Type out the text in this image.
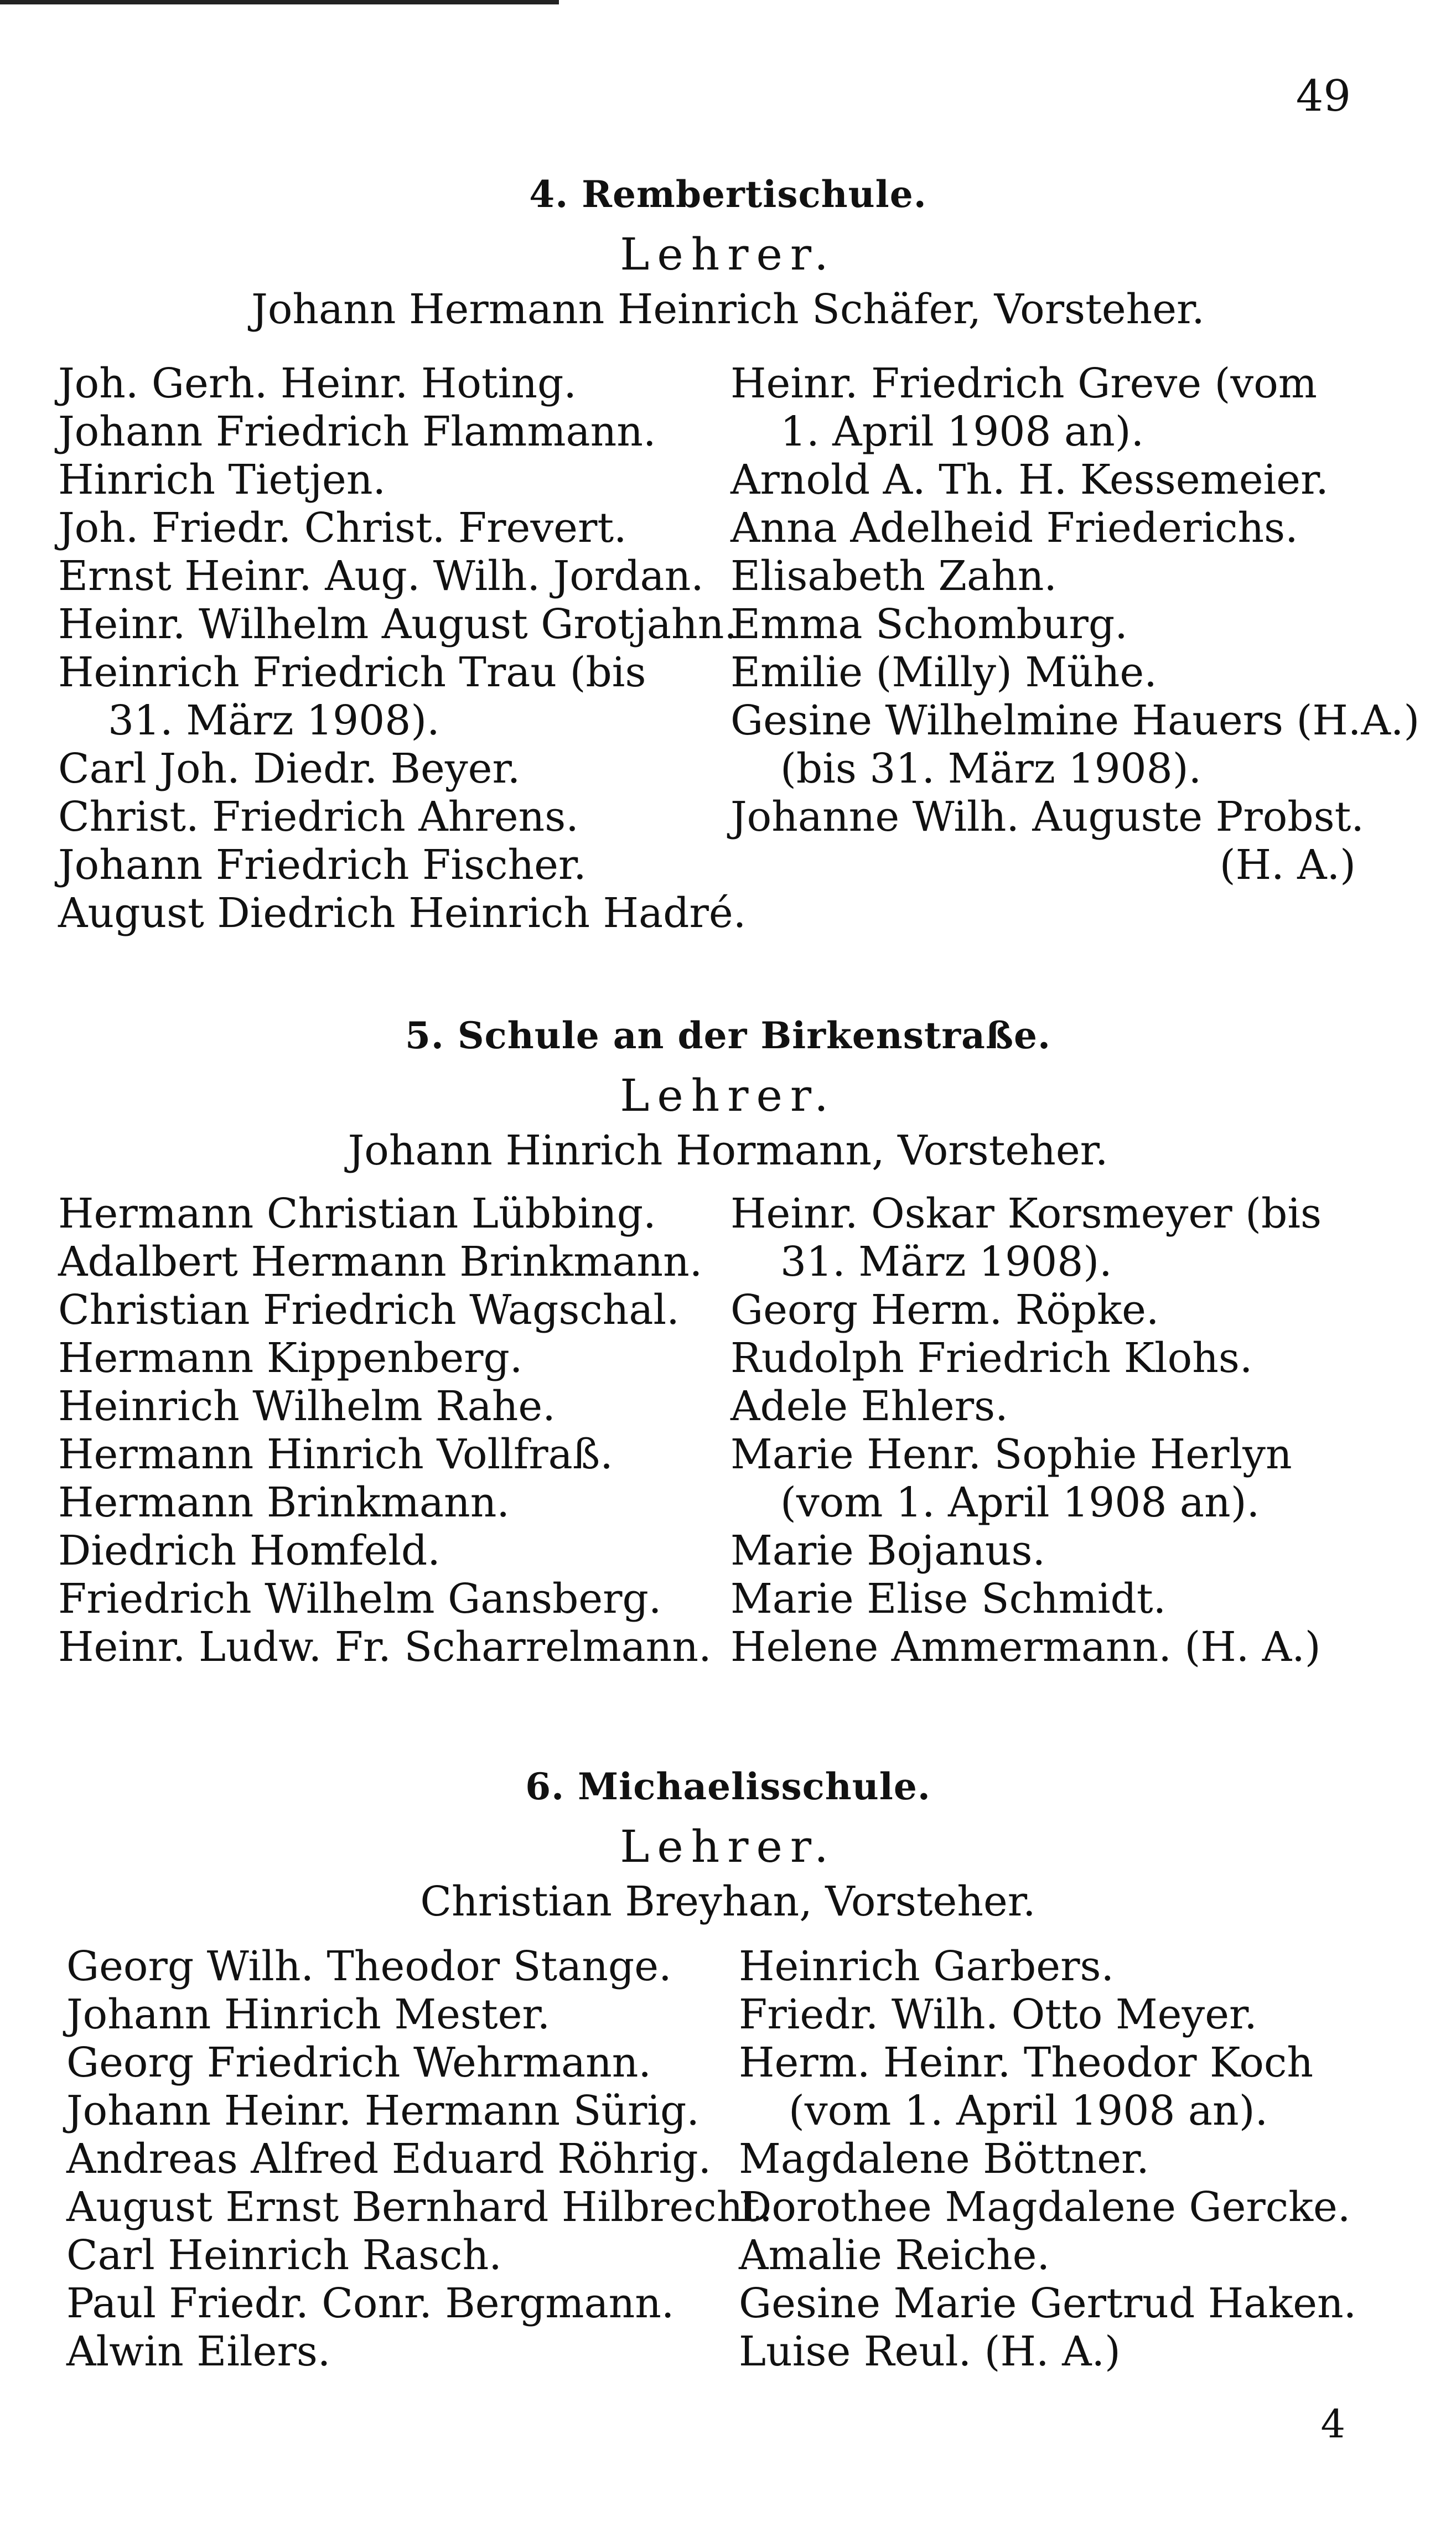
49
4. Rembertischule.
Lehrer.
Johann Hermann Heinrich Schäfer, Vorsteher.
Joh. Gerh. Heinr. Hoting.
Johann Friedrich Flammann.
Hinrich Tietjen.
Joh. Friedr. Christ. Frevert.
Ernst Heinr. Aug. Wilh. Jordan.
Heinr. Wilhelm August Grotjahn.
Heinrich Friedrich Trau (bis
31. März 1908).
Carl Joh. Diedr. Beyer.
Christ. Friedrich Ahrens.
Johann Friedrich Fischer.
August Diedrich Heinrich Hadré.
Heinr. Friedrich Greve (vom
1. April 1908 an).
Arnold A. Th. H. Kessemeier.
Anna Adelheid Friederichs.
Elisabeth Zahn.
Emma Schomburg.
Emilie (Milly) Mühe.
Gesine Wilhelmine Hauers (H.A.)
(bis 31. März 1908).
Johanne Wilh. Auguste Probst.
(H. A.)
5. Schule an der Birkenstraße.
Lehrer.
Johann Hinrich Hormann, Vorsteher.
Hermann Christian Lübbing.
Adalbert Hermann Brinkmann.
Christian Friedrich Wagschal.
Hermann Kippenberg.
Heinrich Wilhelm Rahe.
Hermann Hinrich Vollfraß.
Hermann Brinkmann.
Diedrich Homfeld.
Friedrich Wilhelm Gansberg.
Heinr. Ludw. Fr. Scharrelmann.
Heinr. Oskar Korsmeyer (bis
31. März 1908).
Georg Herm. Röpke.
Rudolph Friedrich Klohs.
Adele Ehlers.
Marie Henr. Sophie Herlyn
(vom 1. April 1908 an).
Marie Bojanus.
Marie Elise Schmidt.
Helene Ammermann. (H. A.)
6. Michaelisschule.
Lehrer.
Christian Breyhan, Vorsteher.
Georg Wilh. Theodor Stange.
Johann Hinrich Mester.
Georg Friedrich Wehrmann.
Johann Heinr. Hermann Sürig.
Andreas Alfred Eduard Röhrig.
August Ernst Bernhard Hilbrecht.
Carl Heinrich Rasch.
Paul Friedr. Conr. Bergmann.
Alwin Eilers.
Heinrich Garbers.
Friedr. Wilh. Otto Meyer.
Herm. Heinr. Theodor Koch
(vom 1. April 1908 an).
Magdalene Böttner.
Dorothee Magdalene Gercke.
Amalie Reiche.
Gesine Marie Gertrud Haken.
Luise Reul. (H. A.)
4
